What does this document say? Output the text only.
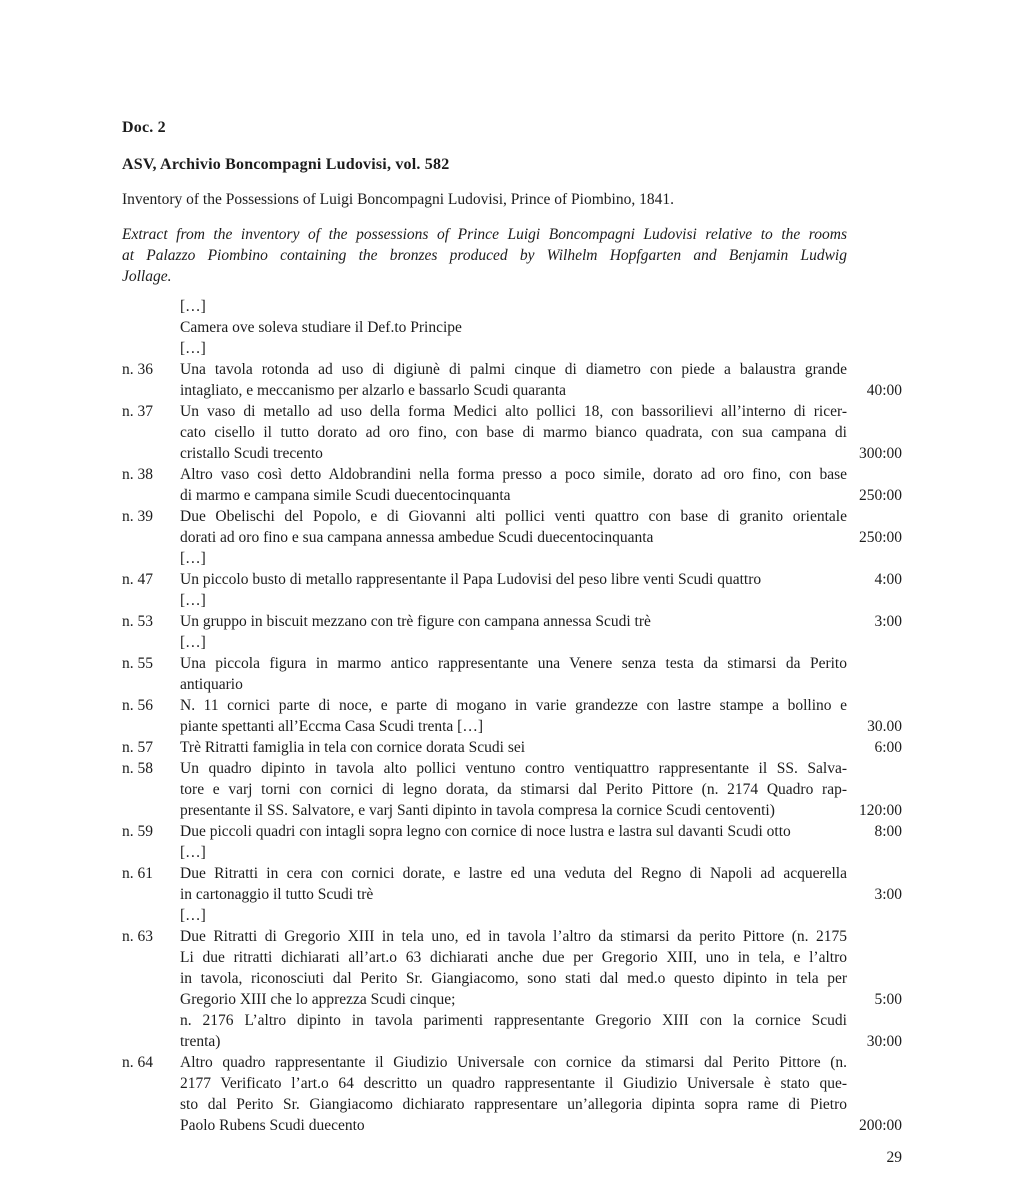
Doc. 2

ASV, Archivio Boncompagni Ludovisi, vol. 582

Inventory of the Possessions of Luigi Boncompagni Ludovisi, Prince of Piombino, 1841.

Extract from the inventory of the possessions of Prince Luigi Boncompagni Ludovisi relative to the rooms
at Palazzo Piombino containing the bronzes produced by Wilhelm Hopfgarten and Benjamin Ludwig
Jollage.
[…]
Camera ove soleva studiare il Def.to Principe
[…]
n. 36	Una tavola rotonda ad uso di digiunè di palmi cinque di diametro con piede a balaustra grande
intagliato, e meccanismo per alzarlo e bassarlo Scudi quaranta	40:00
n. 37	Un vaso di metallo ad uso della forma Medici alto pollici 18, con bassorilievi all’interno di ricer-
cato cisello il tutto dorato ad oro fino, con base di marmo bianco quadrata, con sua campana di
cristallo Scudi trecento	300:00
n. 38	Altro vaso così detto Aldobrandini nella forma presso a poco simile, dorato ad oro fino, con base
di marmo e campana simile Scudi duecentocinquanta	250:00
n. 39	Due Obelischi del Popolo, e di Giovanni alti pollici venti quattro con base di granito orientale
dorati ad oro fino e sua campana annessa ambedue Scudi duecentocinquanta	250:00
[…]
n. 47	Un piccolo busto di metallo rappresentante il Papa Ludovisi del peso libre venti Scudi quattro	4:00
[…]
n. 53	Un gruppo in biscuit mezzano con trè figure con campana annessa Scudi trè	3:00
[…]
n. 55	Una piccola figura in marmo antico rappresentante una Venere senza testa da stimarsi da Perito
antiquario
n. 56	N. 11 cornici parte di noce, e parte di mogano in varie grandezze con lastre stampe a bollino e
piante spettanti all’Eccma Casa Scudi trenta […]	30.00
n. 57	Trè Ritratti famiglia in tela con cornice dorata Scudi sei	6:00
n. 58	Un quadro dipinto in tavola alto pollici ventuno contro ventiquattro rappresentante il SS. Salva-
tore e varj torni con cornici di legno dorata, da stimarsi dal Perito Pittore (n. 2174 Quadro rap-
presentante il SS. Salvatore, e varj Santi dipinto in tavola compresa la cornice Scudi centoventi)	120:00
n. 59	Due piccoli quadri con intagli sopra legno con cornice di noce lustra e lastra sul davanti Scudi otto	8:00
[…]
n. 61	Due Ritratti in cera con cornici dorate, e lastre ed una veduta del Regno di Napoli ad acquerella
in cartonaggio il tutto Scudi trè	3:00
[…]
n. 63	Due Ritratti di Gregorio XIII in tela uno, ed in tavola l’altro da stimarsi da perito Pittore (n. 2175
Li due ritratti dichiarati all’art.o 63 dichiarati anche due per Gregorio XIII, uno in tela, e l’altro
in tavola, riconosciuti dal Perito Sr. Giangiacomo, sono stati dal med.o questo dipinto in tela per
Gregorio XIII che lo apprezza Scudi cinque;	5:00
n. 2176 L’altro dipinto in tavola parimenti rappresentante Gregorio XIII con la cornice Scudi
trenta)	30:00
n. 64	Altro quadro rappresentante il Giudizio Universale con cornice da stimarsi dal Perito Pittore (n.
2177 Verificato l’art.o 64 descritto un quadro rappresentante il Giudizio Universale è stato que-
sto dal Perito Sr. Giangiacomo dichiarato rappresentare un’allegoria dipinta sopra rame di Pietro
Paolo Rubens Scudi duecento	200:00
29
